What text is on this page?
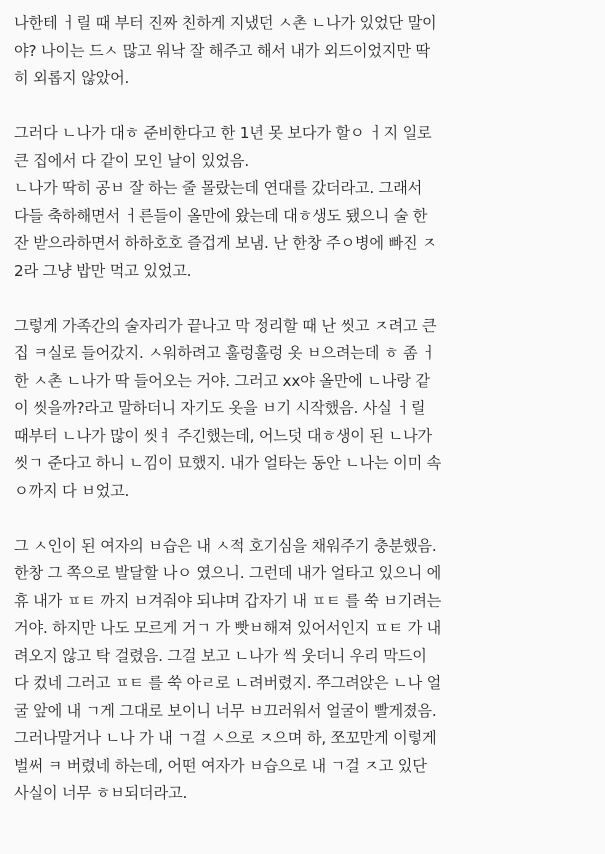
나한테 ㅓ릴 때 부터 진짜 친하게 지냈던 ㅅ촌 ㄴ나가 있었단 말이
야? 나이는 드ㅅ 많고 워낙 잘 해주고 해서 내가 외드이었지만 딱
히 외롭지 않았어.
그러다 ㄴ나가 대ㅎ 준비한다고 한 1년 못 보다가 할ㅇ ㅓ지 일로
큰 집에서 다 같이 모인 날이 있었음.
ㄴ나가 딱히 공ㅂ 잘 하는 줄 몰랐는데 연대를 갔더라고. 그래서
다들 축하해면서 ㅓ른들이 올만에 왔는데 대ㅎ생도 됐으니 술 한
잔 받으라하면서 하하호호 즐겁게 보냄. 난 한창 주ㅇ병에 빠진 ㅈ
2라 그냥 밥만 먹고 있었고.
그렇게 가족간의 술자리가 끝나고 막 정리할 때 난 씻고 ㅈ려고 큰
집 ㅋ실로 들어갔지. ㅅ워하려고 훌렁훌렁 옷 ㅂ으려는데 ㅎ 좀 ㅓ
한 ㅅ촌 ㄴ나가 딱 들어오는 거야. 그러고 xx야 올만에 ㄴ나랑 같
이 씻을까?라고 말하더니 자기도 옷을 ㅂ기 시작했음. 사실 ㅓ릴
때부터 ㄴ나가 많이 씻ㅕ 주긴했는데, 어느덧 대ㅎ생이 된 ㄴ나가
씻ㄱ 준다고 하니 ㄴ낌이 묘했지. 내가 얼타는 동안 ㄴ나는 이미 속
ㅇ까지 다 ㅂ었고.
그 ㅅ인이 된 여자의 ㅂ습은 내 ㅅ적 호기심을 채워주기 충분했음.
한창 그 쪽으로 발달할 나ㅇ 였으니. 그런데 내가 얼타고 있으니 에
휴 내가 ㅍㅌ 까지 ㅂ겨줘야 되냐며 갑자기 내 ㅍㅌ 를 쑥 ㅂ기려는
거야. 하지만 나도 모르게 거ㄱ 가 빳ㅂ해져 있어서인지 ㅍㅌ 가 내
려오지 않고 탁 걸렸음. 그걸 보고 ㄴ나가 씩 웃더니 우리 막드이
다 컸네 그러고 ㅍㅌ 를 쑥 아ㄹ로 ㄴ려버렸지. 쭈그려앉은 ㄴ나 얼
굴 앞에 내 ㄱ게 그대로 보이니 너무 ㅂ끄러워서 얼굴이 빨게졌음.
그러나말거나 ㄴ나 가 내 ㄱ걸 ㅅ으로 ㅈ으며 하, 쪼꼬만게 이렇게
벌써 ㅋ 버렸네 하는데, 어떤 여자가 ㅂ습으로 내 ㄱ걸 ㅈ고 있단
사실이 너무 ㅎㅂ되더라고.
